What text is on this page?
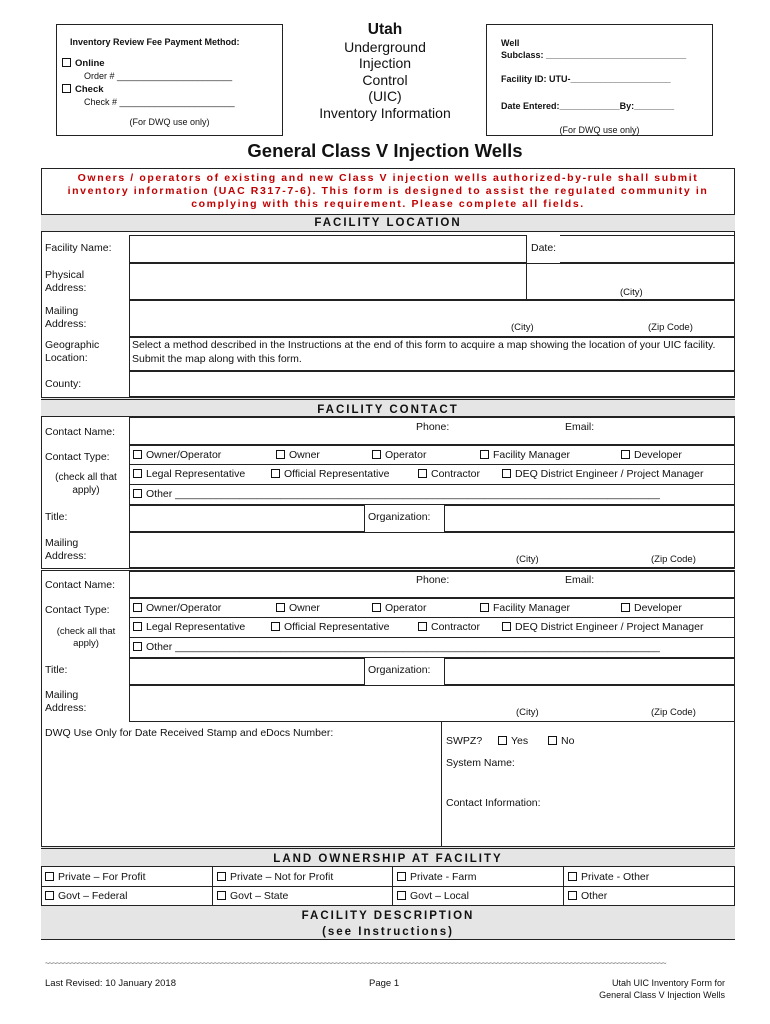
Inventory Review Fee Payment Method:
Online
Order # _______________________
Check
Check # _______________________
(For DWQ use only)
Utah
Underground
Injection
Control
(UIC)
Inventory Information
Well
Subclass: ____________________________
Facility ID: UTU-____________________
Date Entered:____________By:________
(For DWQ use only)
General Class V Injection Wells
Owners / operators of existing and new Class V injection wells authorized-by-rule shall submit
inventory information (UAC R317-7-6). This form is designed to assist the regulated community in
complying with this requirement. Please complete all fields.
FACILITY LOCATION
Facility Name:	Date:
Physical
Address:	(City)
Mailing
Address:	(City)	(Zip Code)
Geographic
Location:
Select a method described in the Instructions at the end of this form to acquire a map showing the location of your UIC facility. Submit the map along with this form.
County:
FACILITY CONTACT
Contact Name:	Phone:	Email:
Contact Type:
(check all that apply)
Owner/Operator	Owner	Operator	Facility Manager	Developer
Legal Representative	Official Representative	Contractor	DEQ District Engineer / Project Manager
Other ___________________________________________________________________________________
Title:	Organization:
Mailing
Address:	(City)	(Zip Code)
Contact Name:	Phone:	Email:
Contact Type:
(check all that apply)
Owner/Operator	Owner	Operator	Facility Manager	Developer
Legal Representative	Official Representative	Contractor	DEQ District Engineer / Project Manager
Other ___________________________________________________________________________________
Title:	Organization:
Mailing
Address:	(City)	(Zip Code)
DWQ Use Only for Date Received Stamp and eDocs Number:
SWPZ?	Yes	No
System Name:
Contact Information:
LAND OWNERSHIP AT FACILITY
Private – For Profit	Private – Not for Profit	Private - Farm	Private - Other
Govt – Federal	Govt – State	Govt – Local	Other
FACILITY DESCRIPTION
(see Instructions)
~~~~~~~~~~~~~~~~~~~~~~~~~~~~~~~~~~~~~~~~~~~~~~~~~~~~~~~~~~~~~~~~~~~~~~~~~~~~~~~~~~~~~~~~~~~~~~~~~~~~~~~~~~~~~~~~~~~~~~~~~~~~~~~~~~~~~~~~~~~~~~~~~~~~~~~~~~~~~~~~~~~~~~~~~
Last Revised: 10 January 2018	Page 1	Utah UIC Inventory Form for
General Class V Injection Wells
